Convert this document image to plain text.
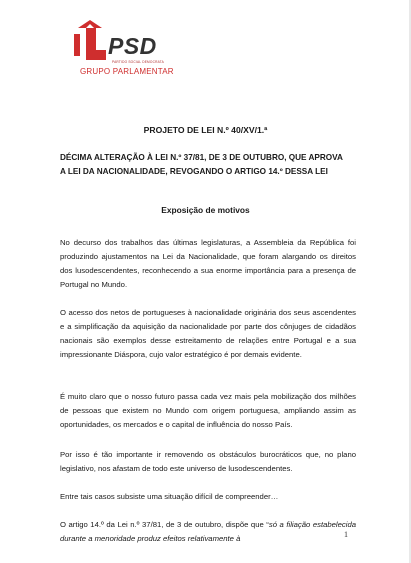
PSD
PARTIDO SOCIAL DEMOCRATA
GRUPO PARLAMENTAR
PROJETO DE LEI N.º 40/XV/1.ª
DÉCIMA ALTERAÇÃO À LEI N.º 37/81, DE 3 DE OUTUBRO, QUE APROVA
A LEI DA NACIONALIDADE, REVOGANDO O ARTIGO 14.º DESSA LEI
Exposição de motivos
No decurso dos trabalhos das últimas legislaturas, a Assembleia da República foi produzindo ajustamentos na Lei da Nacionalidade, que foram alargando os direitos dos lusodescendentes, reconhecendo a sua enorme importância para a presença de Portugal no Mundo.
O acesso dos netos de portugueses à nacionalidade originária dos seus ascendentes e a simplificação da aquisição da nacionalidade por parte dos cônjuges de cidadãos nacionais são exemplos desse estreitamento de relações entre Portugal e a sua impressionante Diáspora, cujo valor estratégico é por demais evidente.
É muito claro que o nosso futuro passa cada vez mais pela mobilização dos milhões de pessoas que existem no Mundo com origem portuguesa, ampliando assim as oportunidades, os mercados e o capital de influência do nosso País.
Por isso é tão importante ir removendo os obstáculos burocráticos que, no plano legislativo, nos afastam de todo este universo de lusodescendentes.
Entre tais casos subsiste uma situação difícil de compreender…
O artigo 14.º da Lei n.º 37/81, de 3 de outubro, dispõe que “só a filiação estabelecida durante a menoridade produz efeitos relativamente à	1
